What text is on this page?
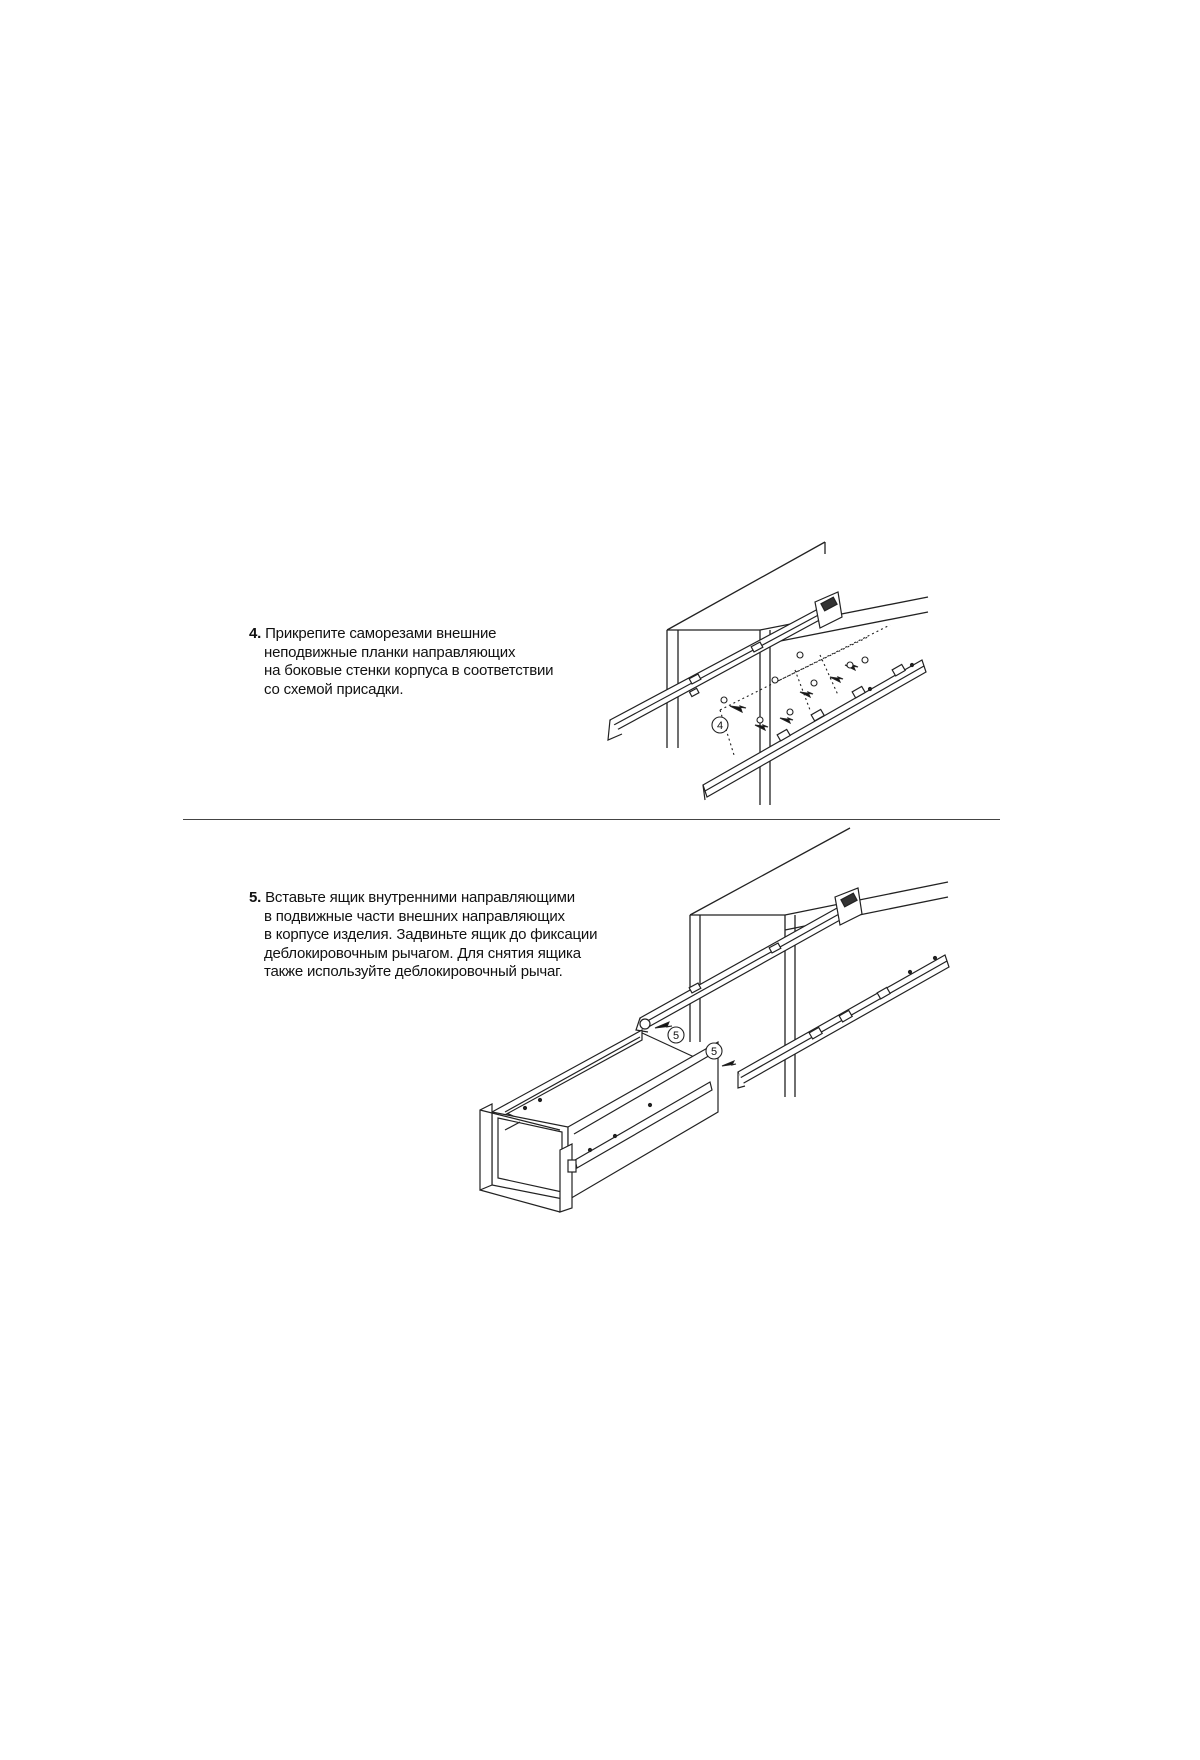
4. Прикрепите саморезами внешние
неподвижные планки направляющих
на боковые стенки корпуса в соответствии
со схемой присадки.
5. Вставьте ящик внутренними направляющими
в подвижные части внешних направляющих
в корпусе изделия. Задвиньте ящик до фиксации
деблокировочным рычагом. Для снятия ящика
также используйте деблокировочный рычаг.
4
5
5
